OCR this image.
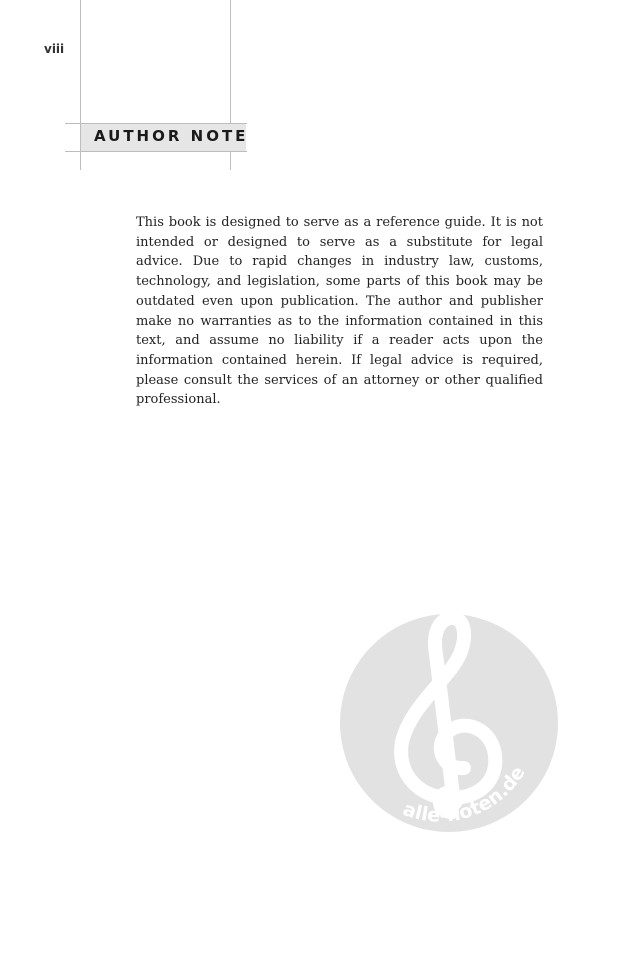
viii
AUTHOR NOTE
This book is designed to serve as a reference guide. It is not intended or designed to serve as a substitute for legal advice. Due to rapid changes in industry law, customs, technology, and legislation, some parts of this book may be outdated even upon publication. The author and publisher make no warranties as to the information contained in this text, and assume no liability if a reader acts upon the information contained herein. If legal advice is required, please consult the services of an attorney or other qualified professional.
alle-noten.de
